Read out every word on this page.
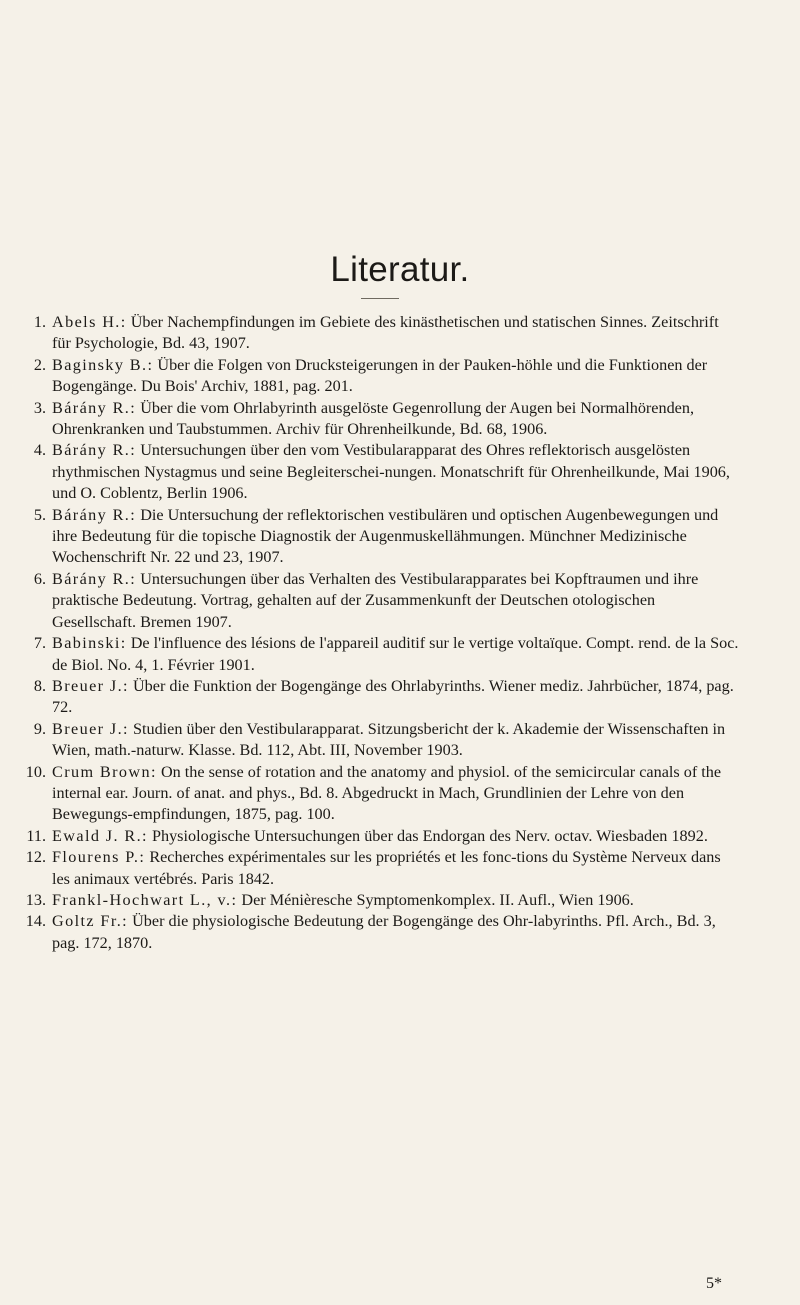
Literatur.
1. Abels H.: Über Nachempfindungen im Gebiete des kinästhetischen und statischen Sinnes. Zeitschrift für Psychologie, Bd. 43, 1907.
2. Baginsky B.: Über die Folgen von Drucksteigerungen in der Pauken-höhle und die Funktionen der Bogengänge. Du Bois' Archiv, 1881, pag. 201.
3. Bárány R.: Über die vom Ohrlabyrinth ausgelöste Gegenrollung der Augen bei Normalhörenden, Ohrenkranken und Taubstummen. Archiv für Ohrenheilkunde, Bd. 68, 1906.
4. Bárány R.: Untersuchungen über den vom Vestibularapparat des Ohres reflektorisch ausgelösten rhythmischen Nystagmus und seine Begleiterschei-nungen. Monatschrift für Ohrenheilkunde, Mai 1906, und O. Coblentz, Berlin 1906.
5. Bárány R.: Die Untersuchung der reflektorischen vestibulären und optischen Augenbewegungen und ihre Bedeutung für die topische Diagnostik der Augenmuskellähmungen. Münchner Medizinische Wochenschrift Nr. 22 und 23, 1907.
6. Bárány R.: Untersuchungen über das Verhalten des Vestibularapparates bei Kopftraumen und ihre praktische Bedeutung. Vortrag, gehalten auf der Zusammenkunft der Deutschen otologischen Gesellschaft. Bremen 1907.
7. Babinski: De l'influence des lésions de l'appareil auditif sur le vertige voltaïque. Compt. rend. de la Soc. de Biol. No. 4, 1. Février 1901.
8. Breuer J.: Über die Funktion der Bogengänge des Ohrlabyrinths. Wiener mediz. Jahrbücher, 1874, pag. 72.
9. Breuer J.: Studien über den Vestibularapparat. Sitzungsbericht der k. Akademie der Wissenschaften in Wien, math.-naturw. Klasse. Bd. 112, Abt. III, November 1903.
10. Crum Brown: On the sense of rotation and the anatomy and physiol. of the semicircular canals of the internal ear. Journ. of anat. and phys., Bd. 8. Abgedruckt in Mach, Grundlinien der Lehre von den Bewegungs-empfindungen, 1875, pag. 100.
11. Ewald J. R.: Physiologische Untersuchungen über das Endorgan des Nerv. octav. Wiesbaden 1892.
12. Flourens P.: Recherches expérimentales sur les propriétés et les fonc-tions du Système Nerveux dans les animaux vertébrés. Paris 1842.
13. Frankl-Hochwart L., v.: Der Ménièresche Symptomenkomplex. II. Aufl., Wien 1906.
14. Goltz Fr.: Über die physiologische Bedeutung der Bogengänge des Ohr-labyrinths. Pfl. Arch., Bd. 3, pag. 172, 1870.
5*
